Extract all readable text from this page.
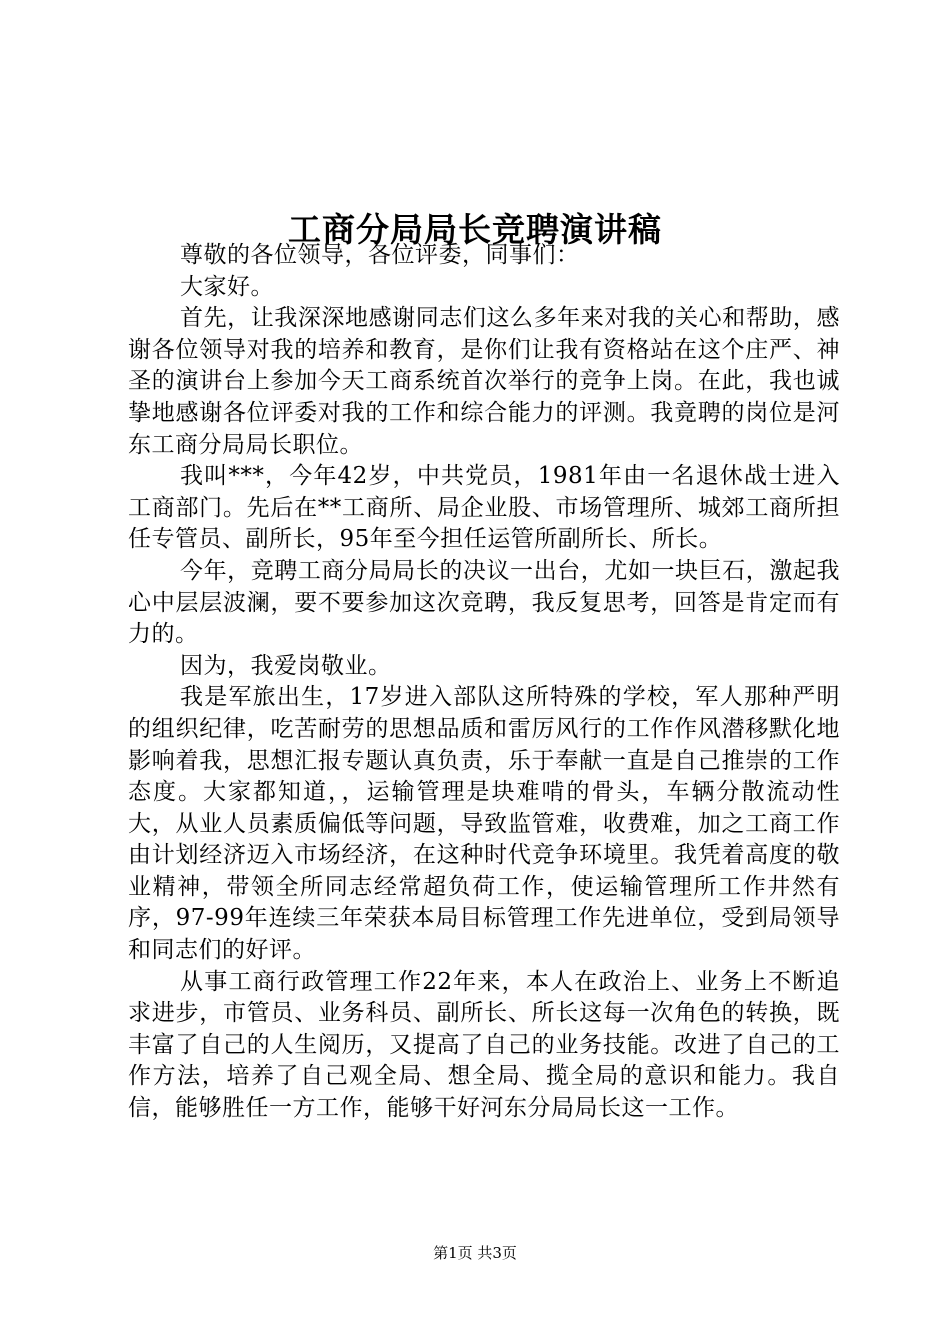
工商分局局长竞聘演讲稿

尊敬的各位领导，各位评委，同事们：

大家好。

首先，让我深深地感谢同志们这么多年来对我的关心和帮助，感谢各位领导对我的培养和教育，是你们让我有资格站在这个庄严、神圣的演讲台上参加今天工商系统首次举行的竞争上岗。在此，我也诚挚地感谢各位评委对我的工作和综合能力的评测。我竟聘的岗位是河东工商分局局长职位。

我叫***，今年42岁，中共党员，1981年由一名退休战士进入工商部门。先后在**工商所、局企业股、市场管理所、城郊工商所担任专管员、副所长，95年至今担任运管所副所长、所长。

今年，竞聘工商分局局长的决议一出台，尤如一块巨石，激起我心中层层波澜，要不要参加这次竞聘，我反复思考，回答是肯定而有力的。

因为，我爱岗敬业。

我是军旅出生，17岁进入部队这所特殊的学校，军人那种严明的组织纪律，吃苦耐劳的思想品质和雷厉风行的工作作风潜移默化地影响着我，思想汇报专题认真负责，乐于奉献一直是自己推崇的工作态度。大家都知道，，运输管理是块难啃的骨头，车辆分散流动性大，从业人员素质偏低等问题，导致监管难，收费难，加之工商工作由计划经济迈入市场经济，在这种时代竞争环境里。我凭着高度的敬业精神，带领全所同志经常超负荷工作，使运输管理所工作井然有序，97-99年连续三年荣获本局目标管理工作先进单位，受到局领导和同志们的好评。

从事工商行政管理工作22年来，本人在政治上、业务上不断追求进步，市管员、业务科员、副所长、所长这每一次角色的转换，既丰富了自己的人生阅历，又提高了自己的业务技能。改进了自己的工作方法，培养了自己观全局、想全局、揽全局的意识和能力。我自信，能够胜任一方工作，能够干好河东分局局长这一工作。

第1页 共3页
